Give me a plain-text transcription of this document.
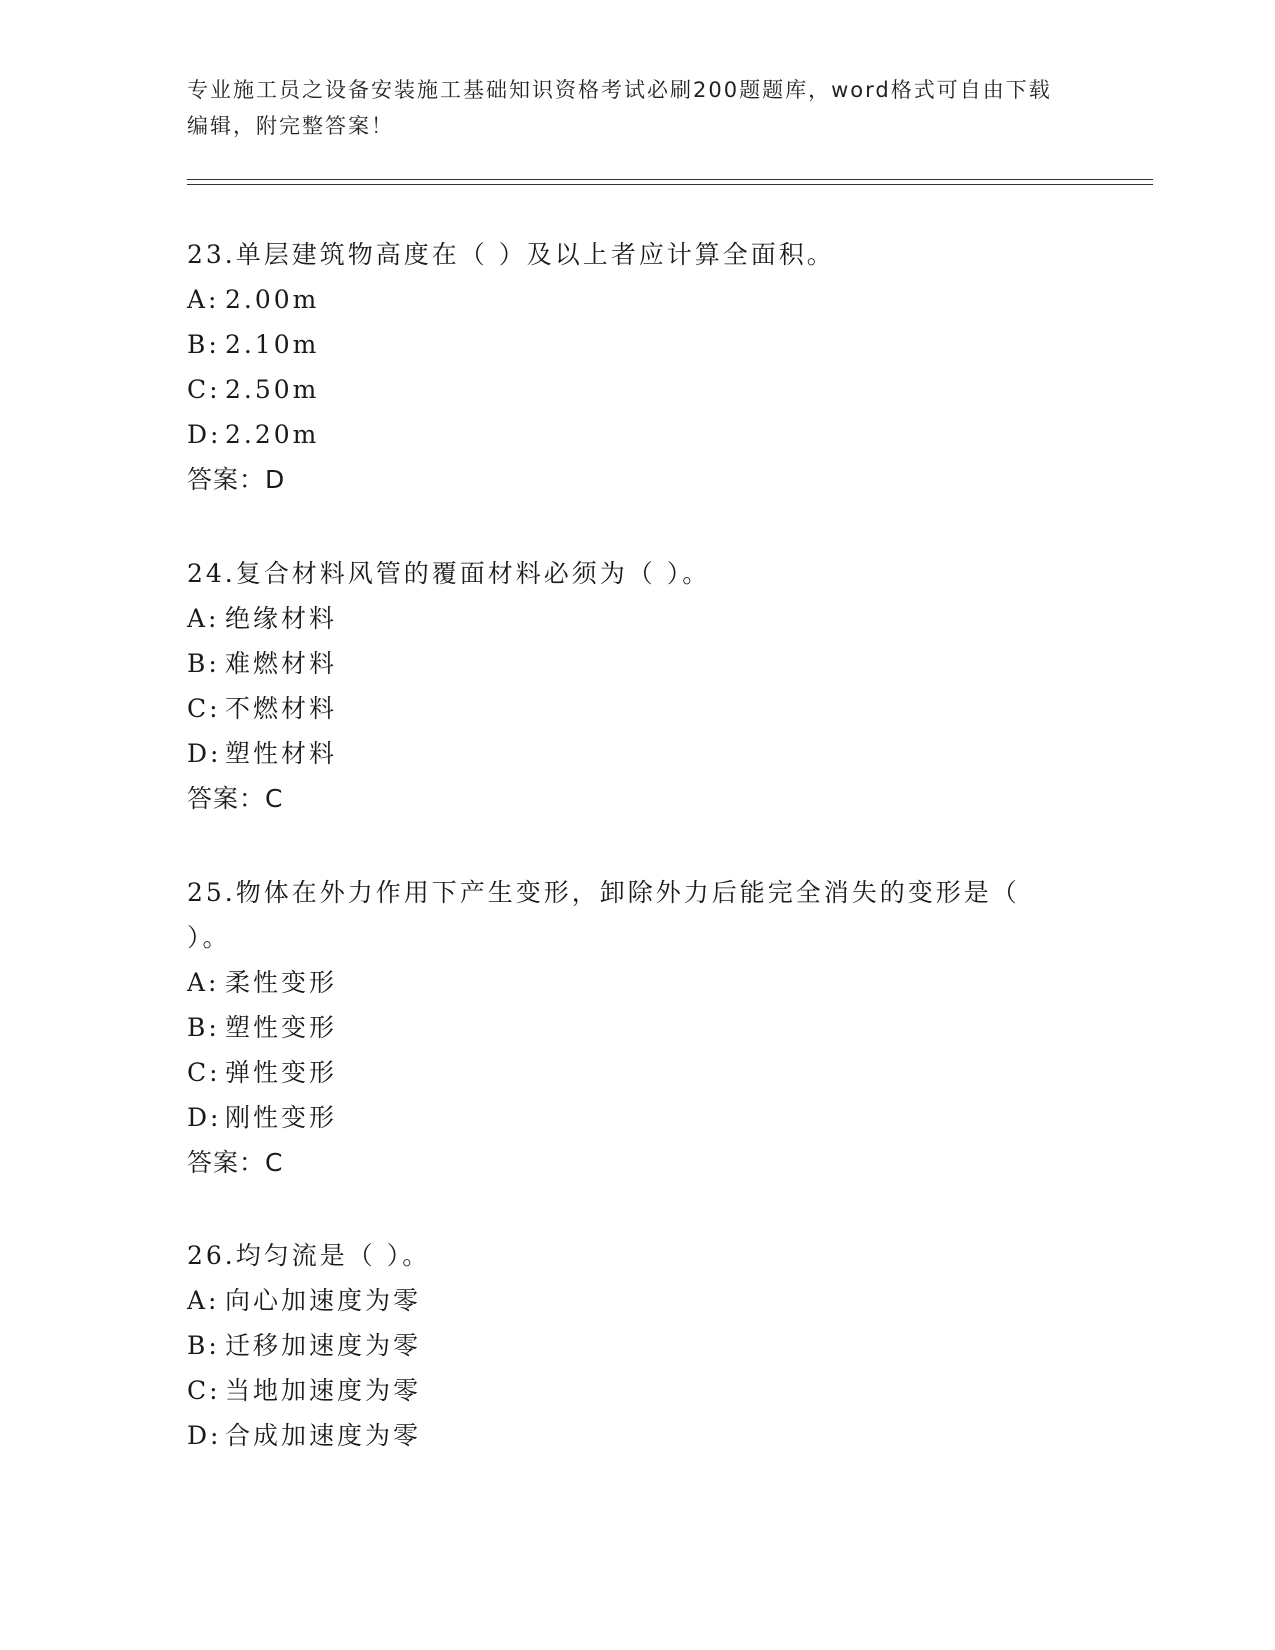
专业施工员之设备安装施工基础知识资格考试必刷200题题库，word格式可自由下载编辑，附完整答案！

23.单层建筑物高度在（ ）及以上者应计算全面积。

A: 2.00m

B: 2.10m

C: 2.50m

D: 2.20m

答案：D

24.复合材料风管的覆面材料必须为（ ）。

A: 绝缘材料

B: 难燃材料

C: 不燃材料

D: 塑性材料

答案：C

25.物体在外力作用下产生变形，卸除外力后能完全消失的变形是（ ）。

A: 柔性变形

B: 塑性变形

C: 弹性变形

D: 刚性变形

答案：C

26.均匀流是（ ）。

A: 向心加速度为零

B: 迁移加速度为零

C: 当地加速度为零

D: 合成加速度为零
